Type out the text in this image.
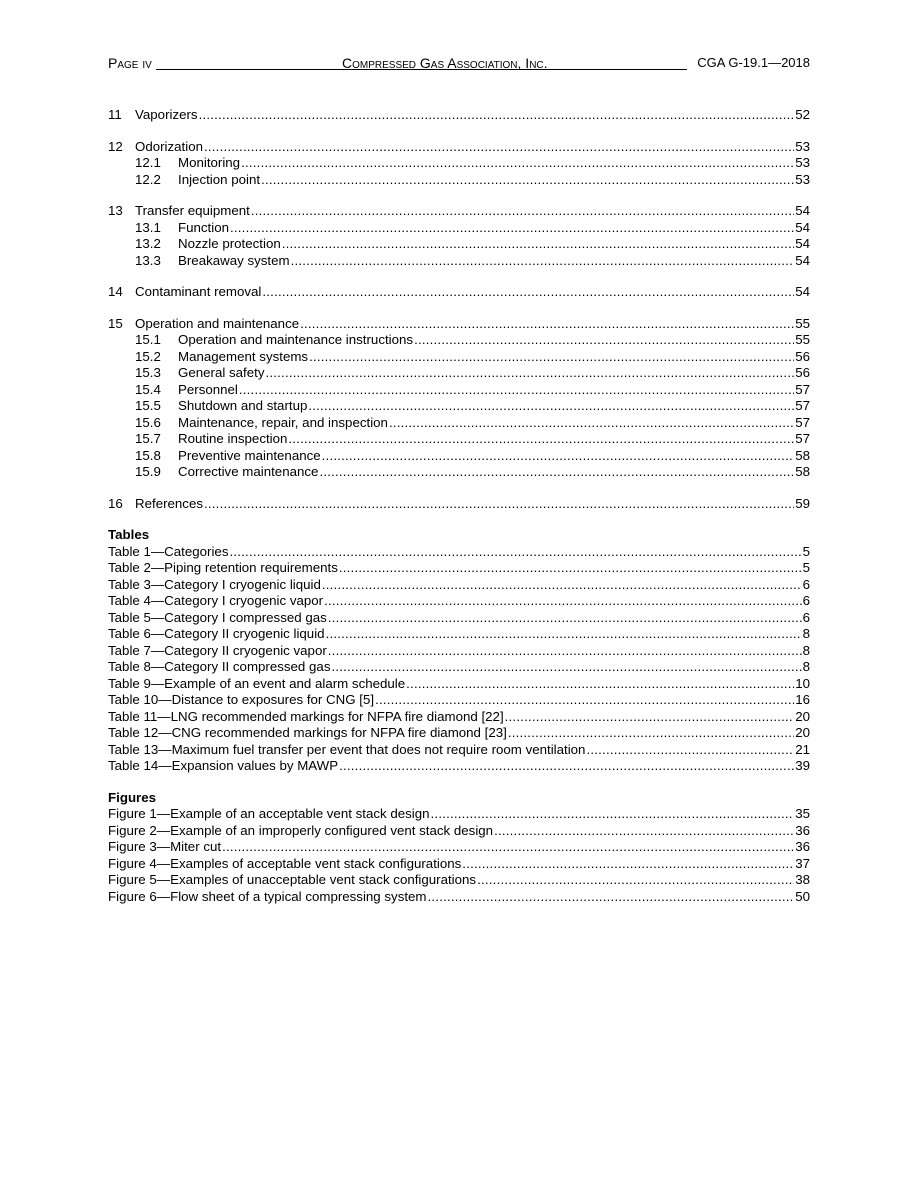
Page iv	Compressed Gas Association, Inc.	CGA G-19.1—2018
11 Vaporizers .....	52
12 Odorization .....	53
12.1	Monitoring .....	53
12.2	Injection point .....	53
13 Transfer equipment .....	54
13.1	Function .....	54
13.2	Nozzle protection .....	54
13.3	Breakaway system .....	54
14 Contaminant removal .....	54
15 Operation and maintenance .....	55
15.1	Operation and maintenance instructions .....	55
15.2	Management systems .....	56
15.3	General safety .....	56
15.4	Personnel .....	57
15.5	Shutdown and startup .....	57
15.6	Maintenance, repair, and inspection .....	57
15.7	Routine inspection .....	57
15.8	Preventive maintenance .....	58
15.9	Corrective maintenance .....	58
16 References .....	59
Tables
Table 1—Categories .....	5
Table 2—Piping retention requirements .....	5
Table 3—Category I cryogenic liquid .....	6
Table 4—Category I cryogenic vapor .....	6
Table 5—Category I compressed gas .....	6
Table 6—Category II cryogenic liquid .....	8
Table 7—Category II cryogenic vapor .....	8
Table 8—Category II compressed gas .....	8
Table 9—Example of an event and alarm schedule .....	10
Table 10—Distance to exposures for CNG [5] .....	16
Table 11—LNG recommended markings for NFPA fire diamond [22] .....	20
Table 12—CNG recommended markings for NFPA fire diamond [23] .....	20
Table 13—Maximum fuel transfer per event that does not require room ventilation .....	21
Table 14—Expansion values by MAWP .....	39
Figures
Figure 1—Example of an acceptable vent stack design .....	35
Figure 2—Example of an improperly configured vent stack design .....	36
Figure 3—Miter cut .....	36
Figure 4—Examples of acceptable vent stack configurations .....	37
Figure 5—Examples of unacceptable vent stack configurations .....	38
Figure 6—Flow sheet of a typical compressing system .....	50
